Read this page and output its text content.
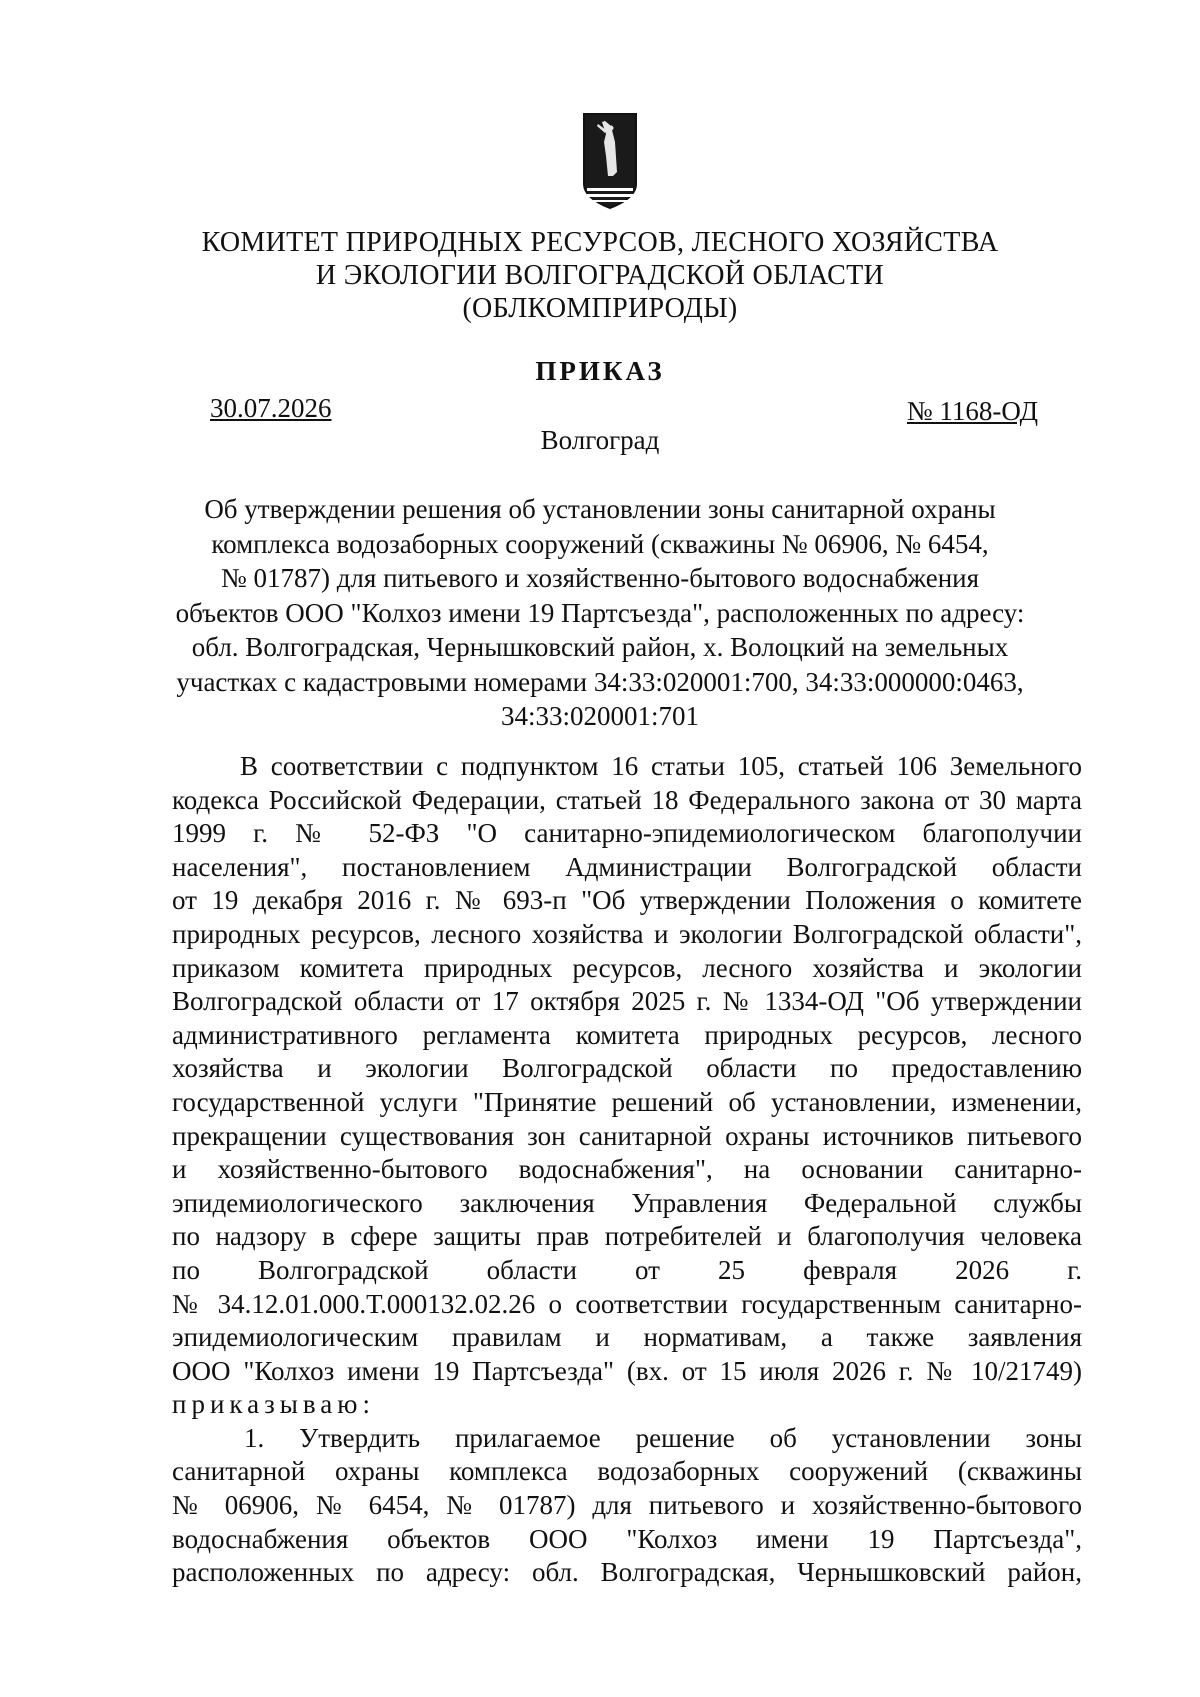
КОМИТЕТ ПРИРОДНЫХ РЕСУРСОВ, ЛЕСНОГО ХОЗЯЙСТВА
И ЭКОЛОГИИ ВОЛГОГРАДСКОЙ ОБЛАСТИ
(ОБЛКОМПРИРОДЫ)
ПРИКАЗ
30.07.2026	№ 1168-ОД
Волгоград
Об утверждении решения об установлении зоны санитарной охраны
комплекса водозаборных сооружений (скважины № 06906, № 6454,
№ 01787) для питьевого и хозяйственно-бытового водоснабжения
объектов ООО "Колхоз имени 19 Партсъезда", расположенных по адресу:
обл. Волгоградская, Чернышковский район, х. Волоцкий на земельных
участках с кадастровыми номерами 34:33:020001:700, 34:33:000000:0463,
34:33:020001:701
В соответствии с подпунктом 16 статьи 105, статьей 106 Земельного
кодекса Российской Федерации, статьей 18 Федерального закона от 30 марта
1999 г. № 52-ФЗ "О санитарно-эпидемиологическом благополучии
населения", постановлением Администрации Волгоградской области
от 19 декабря 2016 г. № 693-п "Об утверждении Положения о комитете
природных ресурсов, лесного хозяйства и экологии Волгоградской области",
приказом комитета природных ресурсов, лесного хозяйства и экологии
Волгоградской области от 17 октября 2025 г. № 1334-ОД "Об утверждении
административного регламента комитета природных ресурсов, лесного
хозяйства и экологии Волгоградской области по предоставлению
государственной услуги "Принятие решений об установлении, изменении,
прекращении существования зон санитарной охраны источников питьевого
и хозяйственно-бытового водоснабжения", на основании санитарно-
эпидемиологического заключения Управления Федеральной службы
по надзору в сфере защиты прав потребителей и благополучия человека
по Волгоградской области от 25 февраля 2026 г.
№ 34.12.01.000.Т.000132.02.26 о соответствии государственным санитарно-
эпидемиологическим правилам и нормативам, а также заявления
ООО "Колхоз имени 19 Партсъезда" (вх. от 15 июля 2026 г. № 10/21749)
приказываю:
1. Утвердить прилагаемое решение об установлении зоны
санитарной охраны комплекса водозаборных сооружений (скважины
№ 06906, № 6454, № 01787) для питьевого и хозяйственно-бытового
водоснабжения объектов ООО "Колхоз имени 19 Партсъезда",
расположенных по адресу: обл. Волгоградская, Чернышковский район,
